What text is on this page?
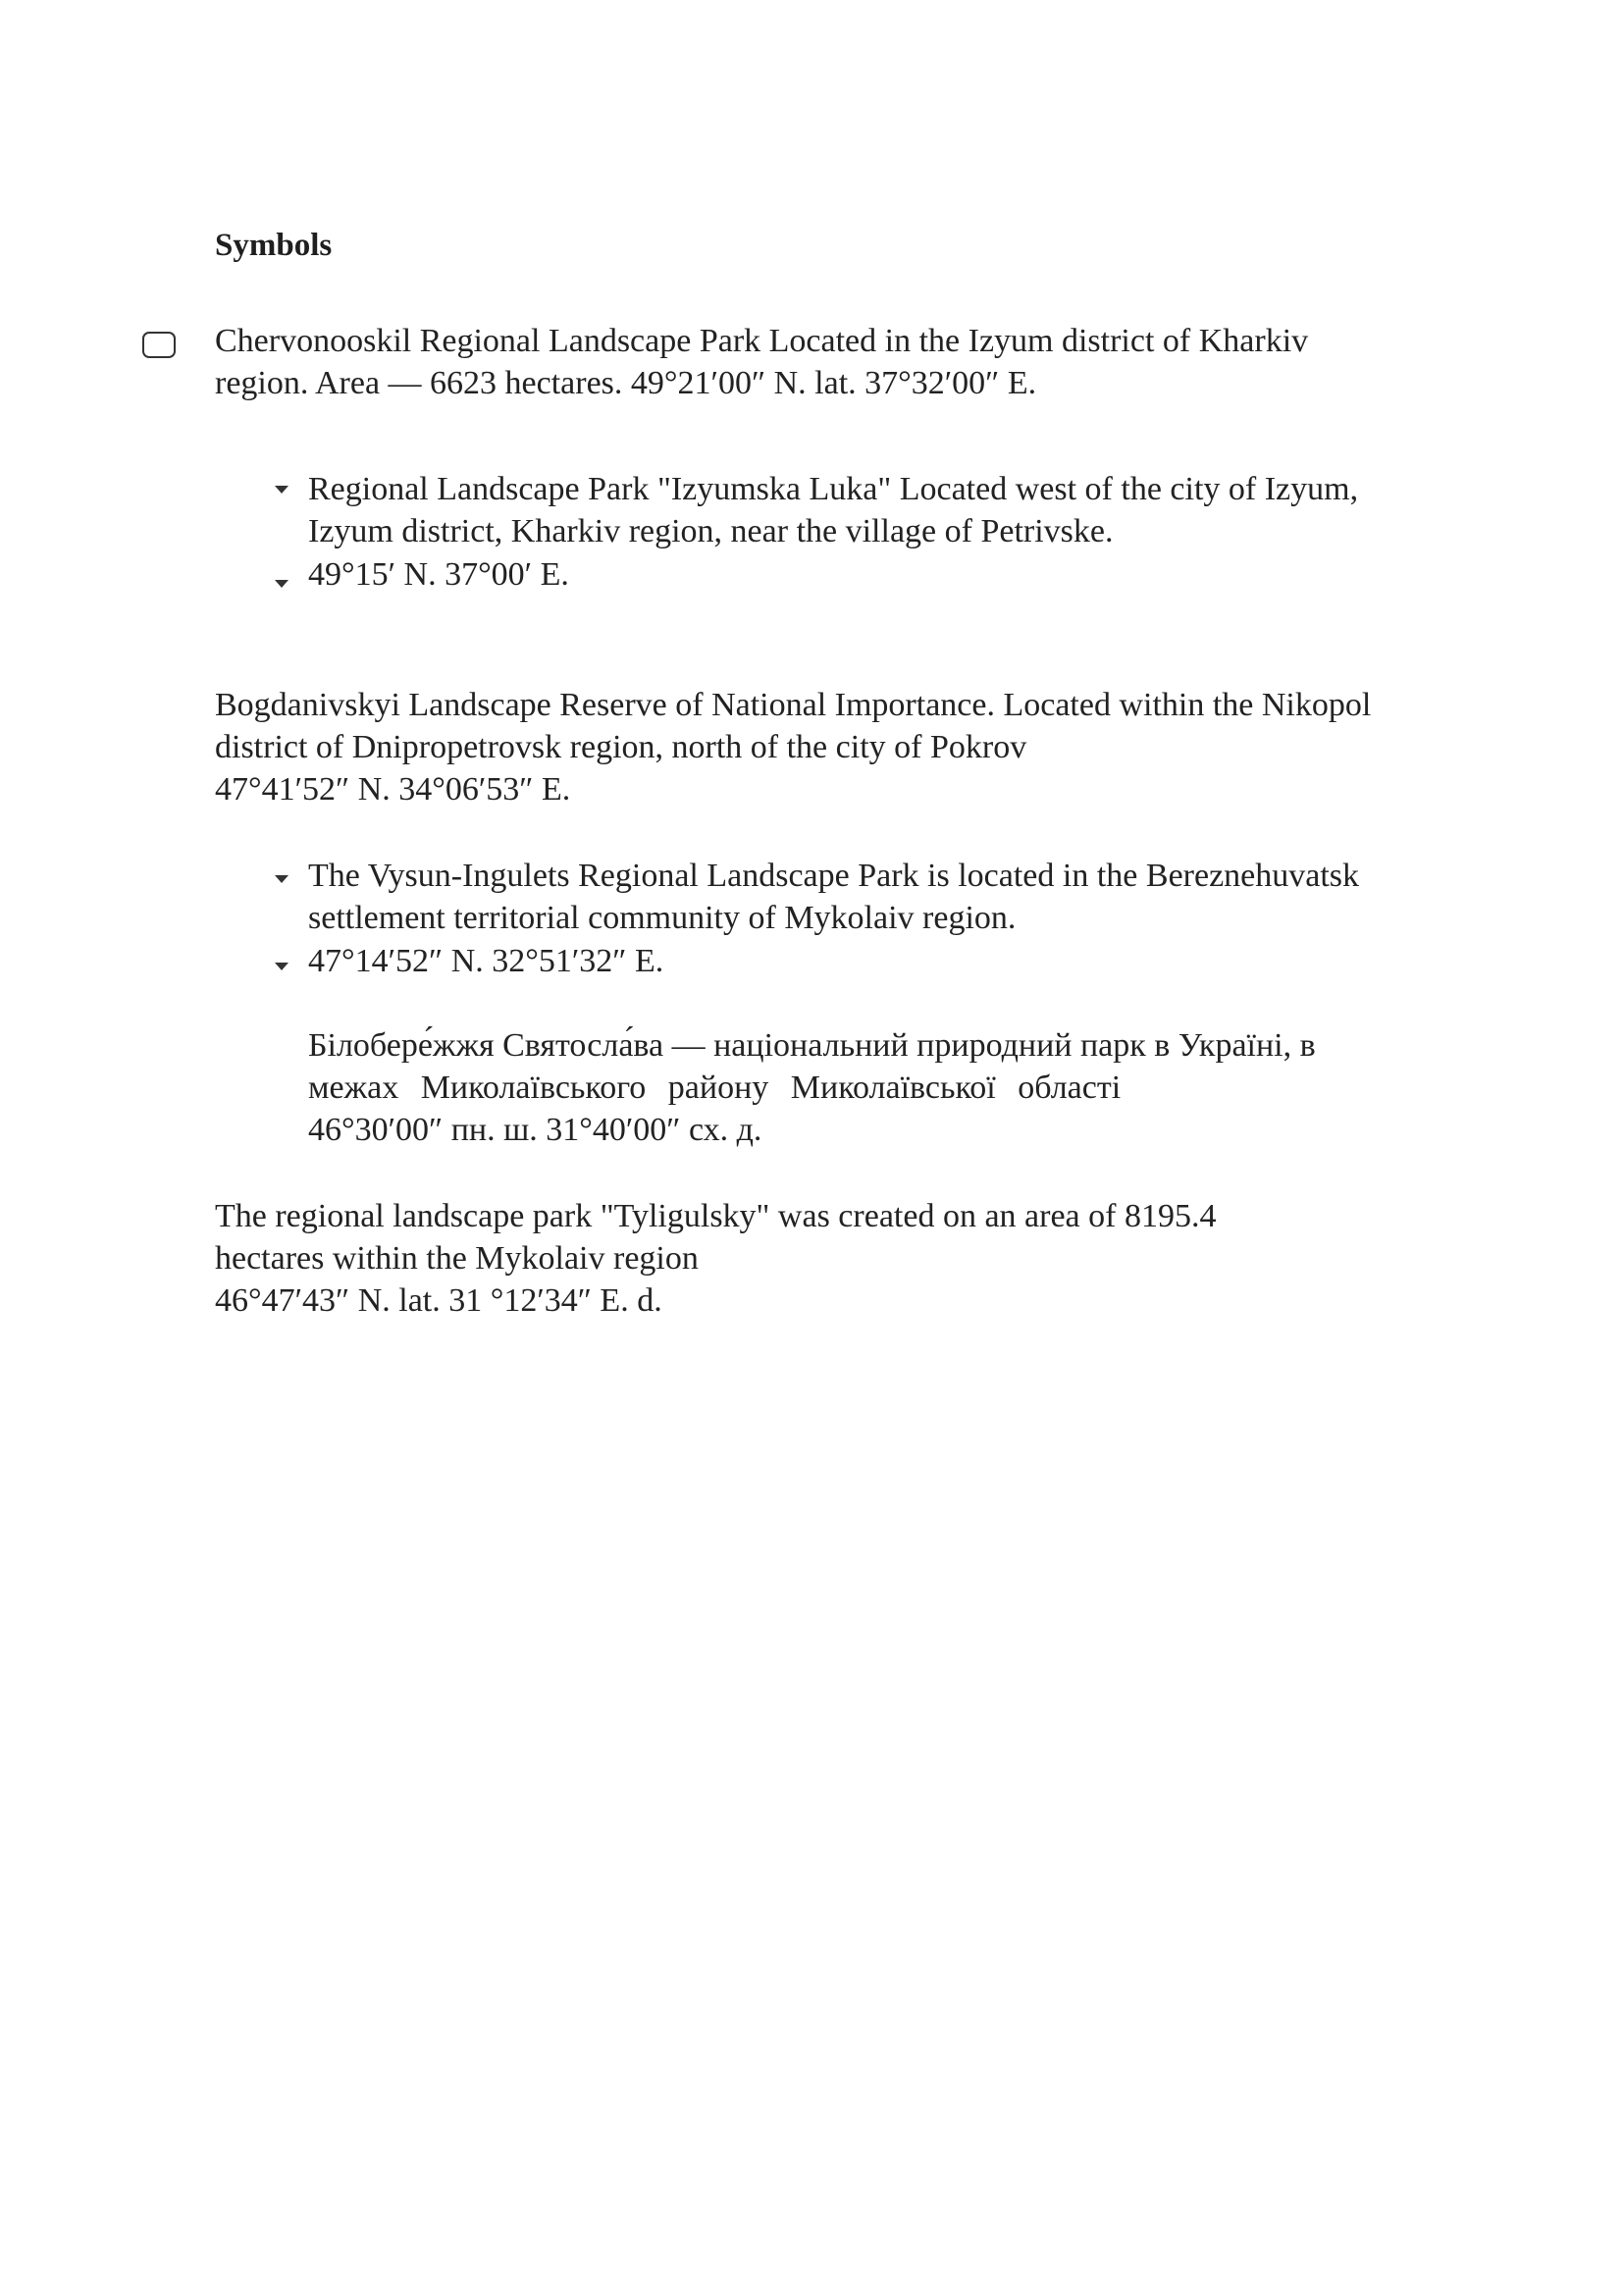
Symbols
Chervonooskil Regional Landscape Park Located in the Izyum district of Kharkiv
region. Area — 6623 hectares. 49°21′00″ N. lat. 37°32′00″ E.
Regional Landscape Park "Izyumska Luka" Located west of the city of Izyum,
Izyum district, Kharkiv region, near the village of Petrivske.
49°15′ N. 37°00′ E.
Bogdanivskyi Landscape Reserve of National Importance. Located within the Nikopol
district of Dnipropetrovsk region, north of the city of Pokrov
47°41′52″ N. 34°06′53″ E.
The Vysun-Ingulets Regional Landscape Park is located in the Bereznehuvatsk
settlement territorial community of Mykolaiv region.
47°14′52″ N. 32°51′32″ E.
Білобере́жжя Святосла́ва — національний природний парк в Україні, в
межах Миколаївського району Миколаївської області
46°30′00″ пн. ш. 31°40′00″ сх. д.
The regional landscape park "Tyligulsky" was created on an area of 8195.4
hectares within the Mykolaiv region
46°47′43″ N. lat. 31 °12′34″ E. d.
